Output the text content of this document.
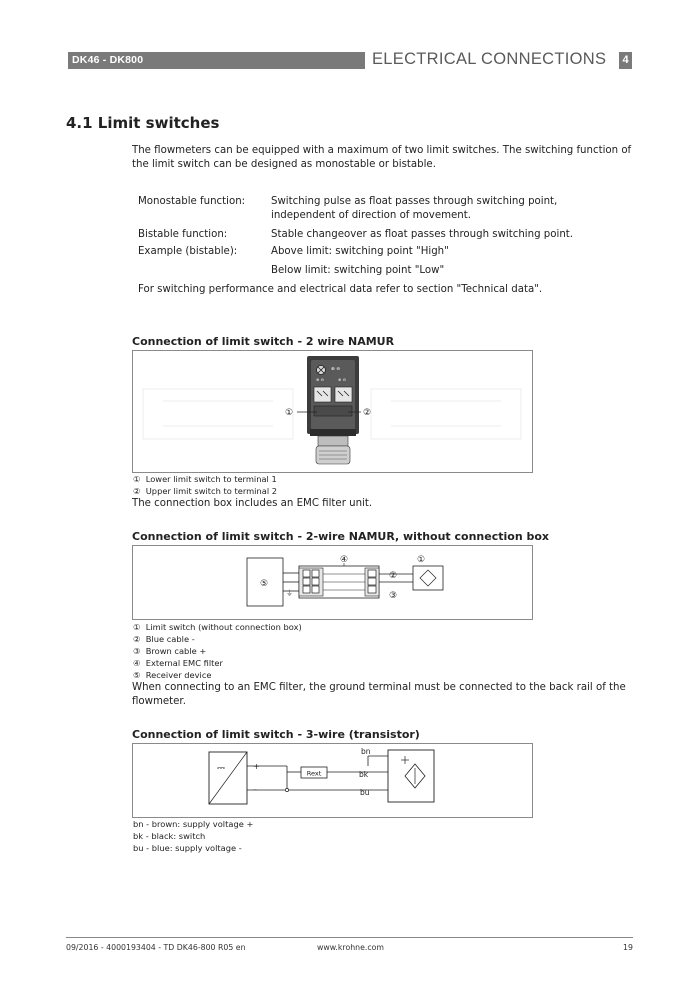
DK46 - DK800	ELECTRICAL CONNECTIONS	4
4.1 Limit switches
The flowmeters can be equipped with a maximum of two limit switches. The switching function of
the limit switch can be designed as monostable or bistable.
Monostable function:	Switching pulse as float passes through switching point,
independent of direction of movement.
Bistable function:	Stable changeover as float passes through switching point.
Example (bistable):	Above limit: switching point "High"
Below limit: switching point "Low"
For switching performance and electrical data refer to section "Technical data".
Connection of limit switch - 2 wire NAMUR
⊕ ⊖
⊕ ⊖	⊕ ⊖
①	②
① Lower limit switch to terminal 1
② Upper limit switch to terminal 2
The connection box includes an EMC filter unit.
Connection of limit switch - 2-wire NAMUR, without connection box
⑤
⏚
④
②
③
①
① Limit switch (without connection box)
② Blue cable -
③ Brown cable +
④ External EMC filter
⑤ Receiver device
When connecting to an EMC filter, the ground terminal must be connected to the back rail of the
flowmeter.
Connection of limit switch - 3-wire (transistor)
⎓	+
–
Rext
bn
bk
bu
bn - brown: supply voltage +
bk - black: switch
bu - blue: supply voltage -
09/2016 - 4000193404 - TD DK46-800 R05 en	www.krohne.com	19
